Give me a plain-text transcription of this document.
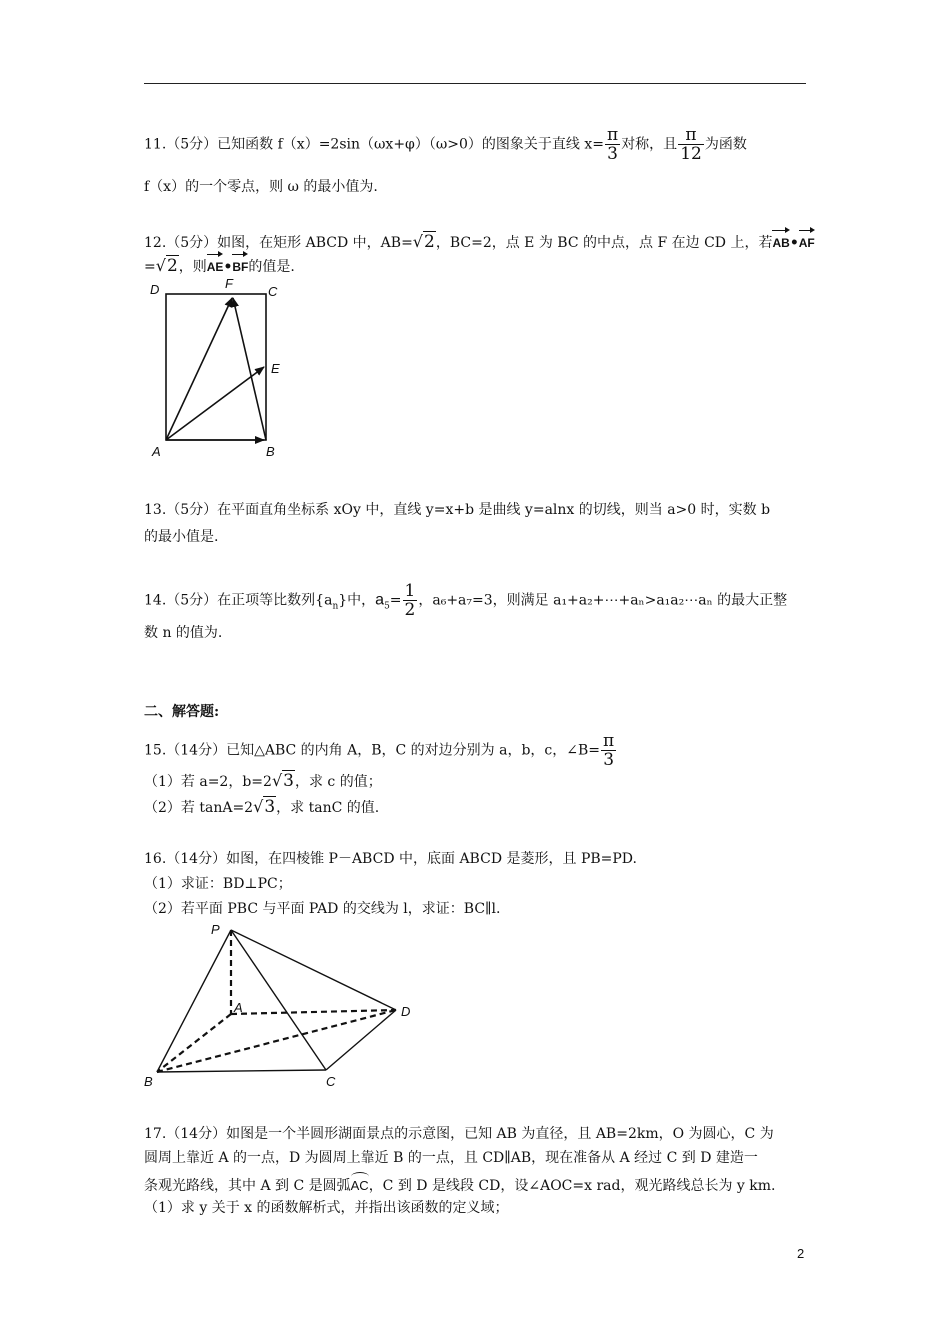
11.（5分）已知函数 f（x）=2sin（ωx+φ）（ω>0）的图象关于直线 $x= \frac{\pi}{3}$ 对称，且 $\frac{\pi}{12}$ 为函数
f（x）的一个零点，则 ω 的最小值为.
12.（5分）如图，在矩形 ABCD 中，AB=√2，BC=2，点 E 为 BC 的中点，点 F 在边 CD 上，若AB•AF
=√2，则AE•BF的值是.
D	F
C
E
A	B
13.（5分）在平面直角坐标系 xOy 中，直线 y=x+b 是曲线 y=alnx 的切线，则当 a>0 时，实数 b
的最小值是.
14.（5分）在正项等比数列$\{a_n\}$中，$a_5= \frac{1}{2}$ ，a₆+a₇=3，则满足 a₁+a₂+⋯+aₙ>a₁a₂⋯aₙ 的最大正整
数 n 的值为.
二、解答题:
15.（14分）已知△ABC 的内角 A，B，C 的对边分别为 a，b，c，∠B= $\frac{\pi}{3}$
（1）若 a=2，b=2√3，求 c 的值；
（2）若 tanA=2√3，求 tanC 的值.
16.（14分）如图，在四棱锥 P－ABCD 中，底面 ABCD 是菱形，且 PB=PD.
（1）求证：BD⊥PC；
（2）若平面 PBC 与平面 PAD 的交线为 l，求证：BC∥l.
P
A	D
B	C
17.（14分）如图是一个半圆形湖面景点的示意图，已知 AB 为直径，且 AB=2km，O 为圆心，C 为
圆周上靠近 A 的一点，D 为圆周上靠近 B 的一点，且 CD∥AB，现在准备从 A 经过 C 到 D 建造一
条观光路线，其中 A 到 C 是圆弧AC，C 到 D 是线段 CD，设∠AOC=x rad，观光路线总长为 y km.
（1）求 y 关于 x 的函数解析式，并指出该函数的定义域；
2
